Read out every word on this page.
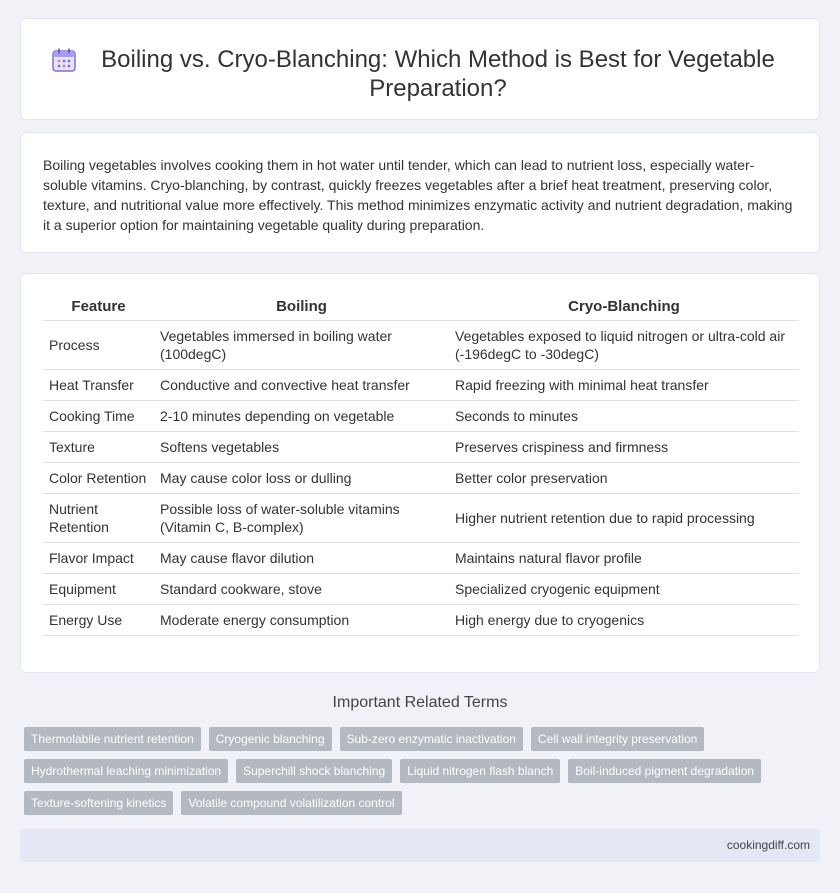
Boiling vs. Cryo-Blanching: Which Method is Best for Vegetable Preparation?

Boiling vegetables involves cooking them in hot water until tender, which can lead to nutrient loss, especially water-soluble vitamins. Cryo-blanching, by contrast, quickly freezes vegetables after a brief heat treatment, preserving color, texture, and nutritional value more effectively. This method minimizes enzymatic activity and nutrient degradation, making it a superior option for maintaining vegetable quality during preparation.

Feature	Boiling	Cryo-Blanching
Process	Vegetables immersed in boiling water (100degC)	Vegetables exposed to liquid nitrogen or ultra-cold air (-196degC to -30degC)
Heat Transfer	Conductive and convective heat transfer	Rapid freezing with minimal heat transfer
Cooking Time	2-10 minutes depending on vegetable	Seconds to minutes
Texture	Softens vegetables	Preserves crispiness and firmness
Color Retention	May cause color loss or dulling	Better color preservation
Nutrient Retention	Possible loss of water-soluble vitamins (Vitamin C, B-complex)	Higher nutrient retention due to rapid processing
Flavor Impact	May cause flavor dilution	Maintains natural flavor profile
Equipment	Standard cookware, stove	Specialized cryogenic equipment
Energy Use	Moderate energy consumption	High energy due to cryogenics
Important Related Terms
Thermolabile nutrient retention	Cryogenic blanching	Sub-zero enzymatic inactivation	Cell wall integrity preservation
Hydrothermal leaching minimization	Superchill shock blanching	Liquid nitrogen flash blanch	Boil-induced pigment degradation
Texture-softening kinetics	Volatile compound volatilization control
cookingdiff.com
